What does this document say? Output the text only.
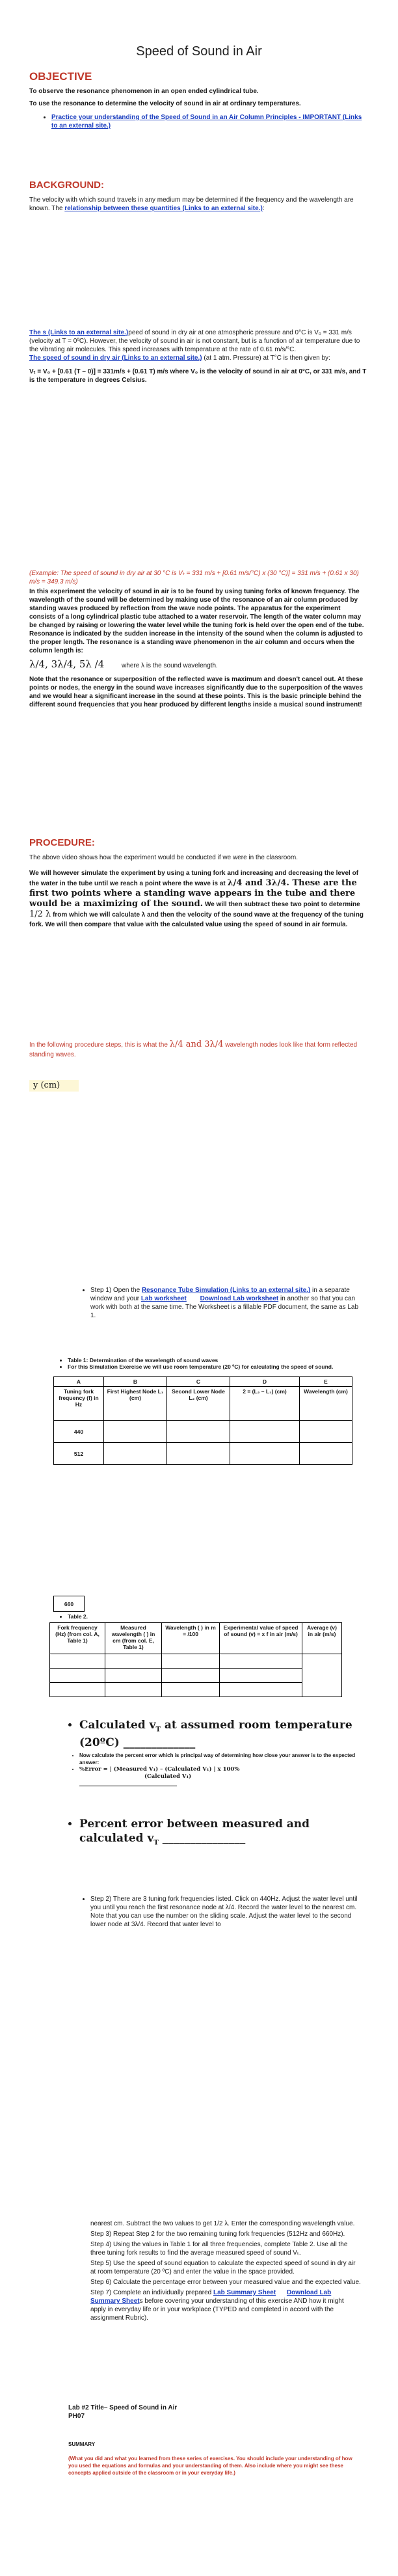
Speed of Sound in Air

OBJECTIVE

To observe the resonance phenomenon in an open ended cylindrical tube.

To use the resonance to determine the velocity of sound in air at ordinary temperatures.

• Practice your understanding of the Speed of Sound in an Air Column Principles - IMPORTANT (Links to an external site.)

BACKGROUND:

The velocity with which sound travels in any medium may be determined if the frequency and the wavelength are known. The relationship between these quantities (Links to an external site.):

The s (Links to an external site.)peed of sound in dry air at one atmospheric pressure and 0°C is V₀ = 331 m/s (velocity at T = 0ºC). However, the velocity of sound in air is not constant, but is a function of air temperature due to the vibrating air molecules. This speed increases with temperature at the rate of 0.61 m/s/°C.

The speed of sound in dry air (Links to an external site.) (at 1 atm. Pressure) at T°C is then given by:

Vₜ = V₀ + [0.61 (T – 0)] = 331m/s + (0.61 T) m/s where V₀ is the velocity of sound in air at 0°C, or 331 m/s, and T is the temperature in degrees Celsius.

(Example: The speed of sound in dry air at 30 °C is Vₜ = 331 m/s + [0.61 m/s/°C) x (30 °C)] = 331 m/s + (0.61 x 30) m/s = 349.3 m/s)

In this experiment the velocity of sound in air is to be found by using tuning forks of known frequency. The wavelength of the sound will be determined by making use of the resonance of an air column produced by standing waves produced by reflection from the wave node points. The apparatus for the experiment consists of a long cylindrical plastic tube attached to a water reservoir. The length of the water column may be changed by raising or lowering the water level while the tuning fork is held over the open end of the tube. Resonance is indicated by the sudden increase in the intensity of the sound when the column is adjusted to the proper length. The resonance is a standing wave phenomenon in the air column and occurs when the column length is:

λ/4, 3λ/4, 5λ /4	where λ is the sound wavelength.

Note that the resonance or superposition of the reflected wave is maximum and doesn't cancel out. At these points or nodes, the energy in the sound wave increases significantly due to the superposition of the waves and we would hear a significant increase in the sound at these points. This is the basic principle behind the different sound frequencies that you hear produced by different lengths inside a musical sound instrument!

PROCEDURE:

The above video shows how the experiment would be conducted if we were in the classroom.

We will however simulate the experiment by using a tuning fork and increasing and decreasing the level of the water in the tube until we reach a point where the wave is at λ/4 and 3λ/4. These are the first two points where a standing wave appears in the tube and there would be a maximizing of the sound. We will then subtract these two point to determine 1/2 λ from which we will calculate λ and then the velocity of the sound wave at the frequency of the tuning fork. We will then compare that value with the calculated value using the speed of sound in air formula.

In the following procedure steps, this is what the λ/4 and 3λ/4 wavelength nodes look like that form reflected standing waves.

y (cm)
• Step 1) Open the Resonance Tube Simulation (Links to an external site.) in a separate window and your Lab worksheet Download Lab worksheet in another so that you can work with both at the same time. The Worksheet is a fillable PDF document, the same as Lab 1.
• Table 1: Determination of the wavelength of sound waves
• For this Simulation Exercise we will use room temperature (20 ºC) for calculating the speed of sound.
A	B	C	D	E
Tuning fork frequency (f) in Hz	First Highest Node L₁ (cm)	Second Lower Node L₂ (cm)	2 = (L₂ – L₁) (cm)	Wavelength (cm)
440				
512				
660
• Table 2.
Fork frequency (Hz) (from col. A, Table 1)	Measured wavelength ( ) in cm (from col. E, Table 1)	Wavelength ( ) in m = /100	Experimental value of speed of sound (v) = x f in air (m/s)	Average (v) in air (m/s)

• Calculated $v_T$ at assumed room temperature (20ºC) _____________
• Now calculate the percent error which is principal way of determining how close your answer is to the expected answer:
• %Error = | (Measured V₁) – (Calculated V₁) | x 100%
(Calculated V₁)
• Percent error between measured and calculated $v_T$ _______________
• Step 2) There are 3 tuning fork frequencies listed. Click on 440Hz. Adjust the water level until you until you reach the first resonance node at λ/4. Record the water level to the nearest cm. Note that you can use the number on the sliding scale. Adjust the water level to the second lower node at 3λ/4. Record that water level to

nearest cm. Subtract the two values to get 1/2 λ. Enter the corresponding wavelength value.

Step 3) Repeat Step 2 for the two remaining tuning fork frequencies (512Hz and 660Hz).
Step 4) Using the values in Table 1 for all three frequencies, complete Table 2. Use all the three tuning fork results to find the average measured speed of sound Vₜ.
Step 5) Use the speed of sound equation to calculate the expected speed of sound in dry air at room temperature (20 ºC) and enter the value in the space provided.
Step 6) Calculate the percentage error between your measured value and the expected value.
Step 7) Complete an individually prepared Lab Summary Sheet Download Lab Summary Sheets before covering your understanding of this exercise AND how it might apply in everyday life or in your workplace (TYPED and completed in accord with the assignment Rubric).

Lab #2 Title– Speed of Sound in Air

PH07

SUMMARY

(What you did and what you learned from these series of exercises. You should include your understanding of how you used the equations and formulas and your understanding of them. Also include where you might see these concepts applied outside of the classroom or in your everyday life.)
